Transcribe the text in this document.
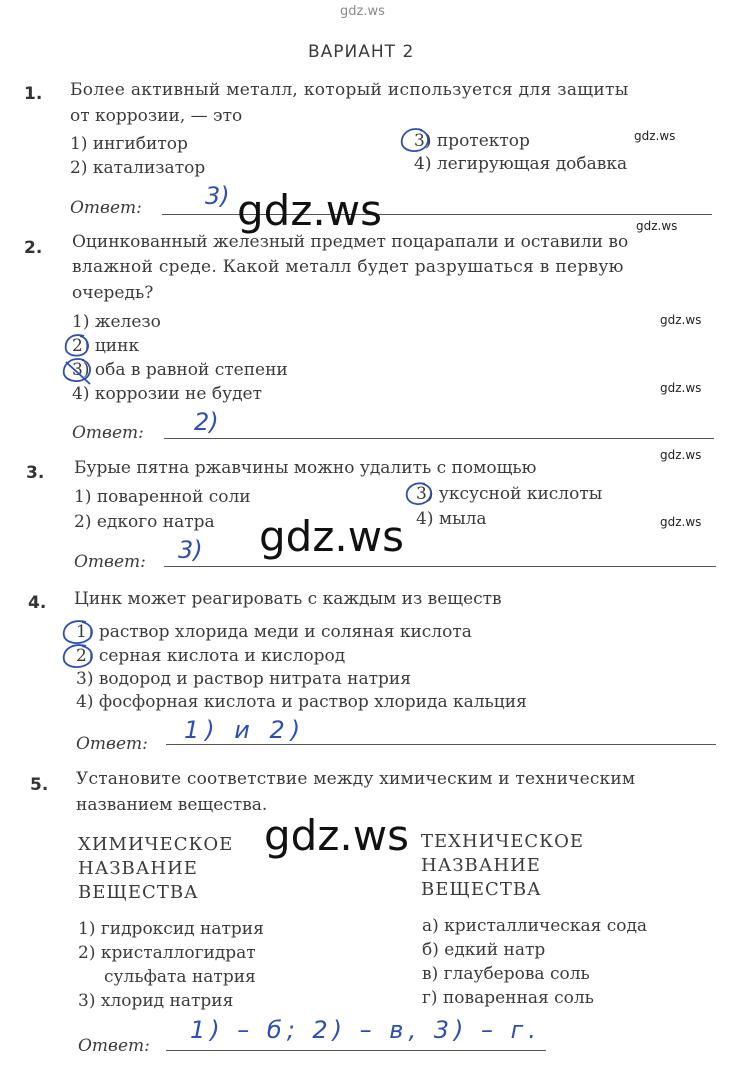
gdz.ws
ВАРИАНТ 2
1. Более активный металл, который используется для защиты
от коррозии, — это
1) ингибитор
2) катализатор
3) протектор
4) легирующая добавка
gdz.ws
Ответ:	3) gdz.ws	gdz.ws
2. Оцинкованный железный предмет поцарапали и оставили во
влажной среде. Какой металл будет разрушаться в первую
очередь?
1) железо
2) цинк
3) оба в равной степени
4) коррозии не будет
gdz.ws
gdz.ws
Ответ: 2)
gdz.ws
3. Бурые пятна ржавчины можно удалить с помощью
1) поваренной соли
2) едкого натра
3) уксусной кислоты
4) мыла	gdz.ws
gdz.ws
Ответ: 3)
4. Цинк может реагировать с каждым из веществ
1) раствор хлорида меди и соляная кислота
2) серная кислота и кислород
3) водород и раствор нитрата натрия
4) фосфорная кислота и раствор хлорида кальция
Ответ: 1) и 2)
5. Установите соответствие между химическим и техническим
названием вещества.
ХИМИЧЕСКОЕ
НАЗВАНИЕ
ВЕЩЕСТВА
ТЕХНИЧЕСКОЕ
НАЗВАНИЕ
ВЕЩЕСТВА
gdz.ws
1) гидроксид натрия
2) кристаллогидрат
сульфата натрия
3) хлорид натрия
а) кристаллическая сода
б) едкий натр
в) глауберова соль
г) поваренная соль
Ответ:
1) – б; 2) – в, 3) – г.
